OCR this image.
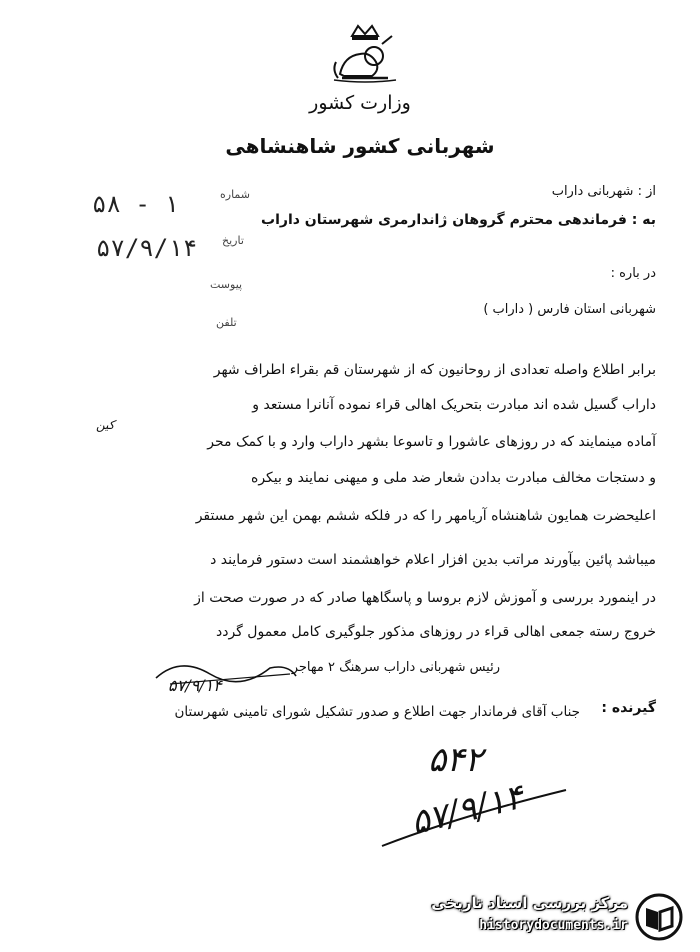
وزارت کشور
شهربانی کشور شاهنشاهی
۵۸ - ۱	شماره
۵۷/۹/۱۴ تاریخ
پیوست
تلفن
از : شهربانی داراب
به : فرماندهی محترم گروهان ژاندارمری شهرستان داراب
در باره :
شهربانی استان فارس ( داراب )
برابر اطلاع واصله تعدادی از روحانیون که از شهرستان قم بقراء اطراف شهر
داراب گسیل شده اند مبادرت بتحریک اهالی قراء نموده آنانرا مستعد و
کین
آماده مینمایند که در روزهای عاشورا و تاسوعا بشهر داراب وارد و با کمک محر
و دستجات مخالف مبادرت بدادن شعار ضد ملی و میهنی نمایند و بیکره
اعلیحضرت همایون شاهنشاه آریامهر را که در فلکه ششم بهمن این شهر مستقر
میباشد پائین بیآورند مراتب بدین افزار اعلام خواهشمند است دستور فرمایند د
در اینمورد بررسی و آموزش لازم بروسا و پاسگاهها صادر که در صورت صحت از
خروج رسته جمعی اهالی قراء در روزهای مذکور جلوگیری کامل معمول گردد
رئیس شهربانی داراب سرهنگ ۲ مهاجر
۵۷/۹/۱۴
گیرنده :
جناب آقای فرماندار جهت اطلاع و صدور تشکیل شورای تامینی شهرستان
۵۴۲
۵۷/۹/۱۴
مرکز بررسی اسناد تاریخی
historydocuments.ir
